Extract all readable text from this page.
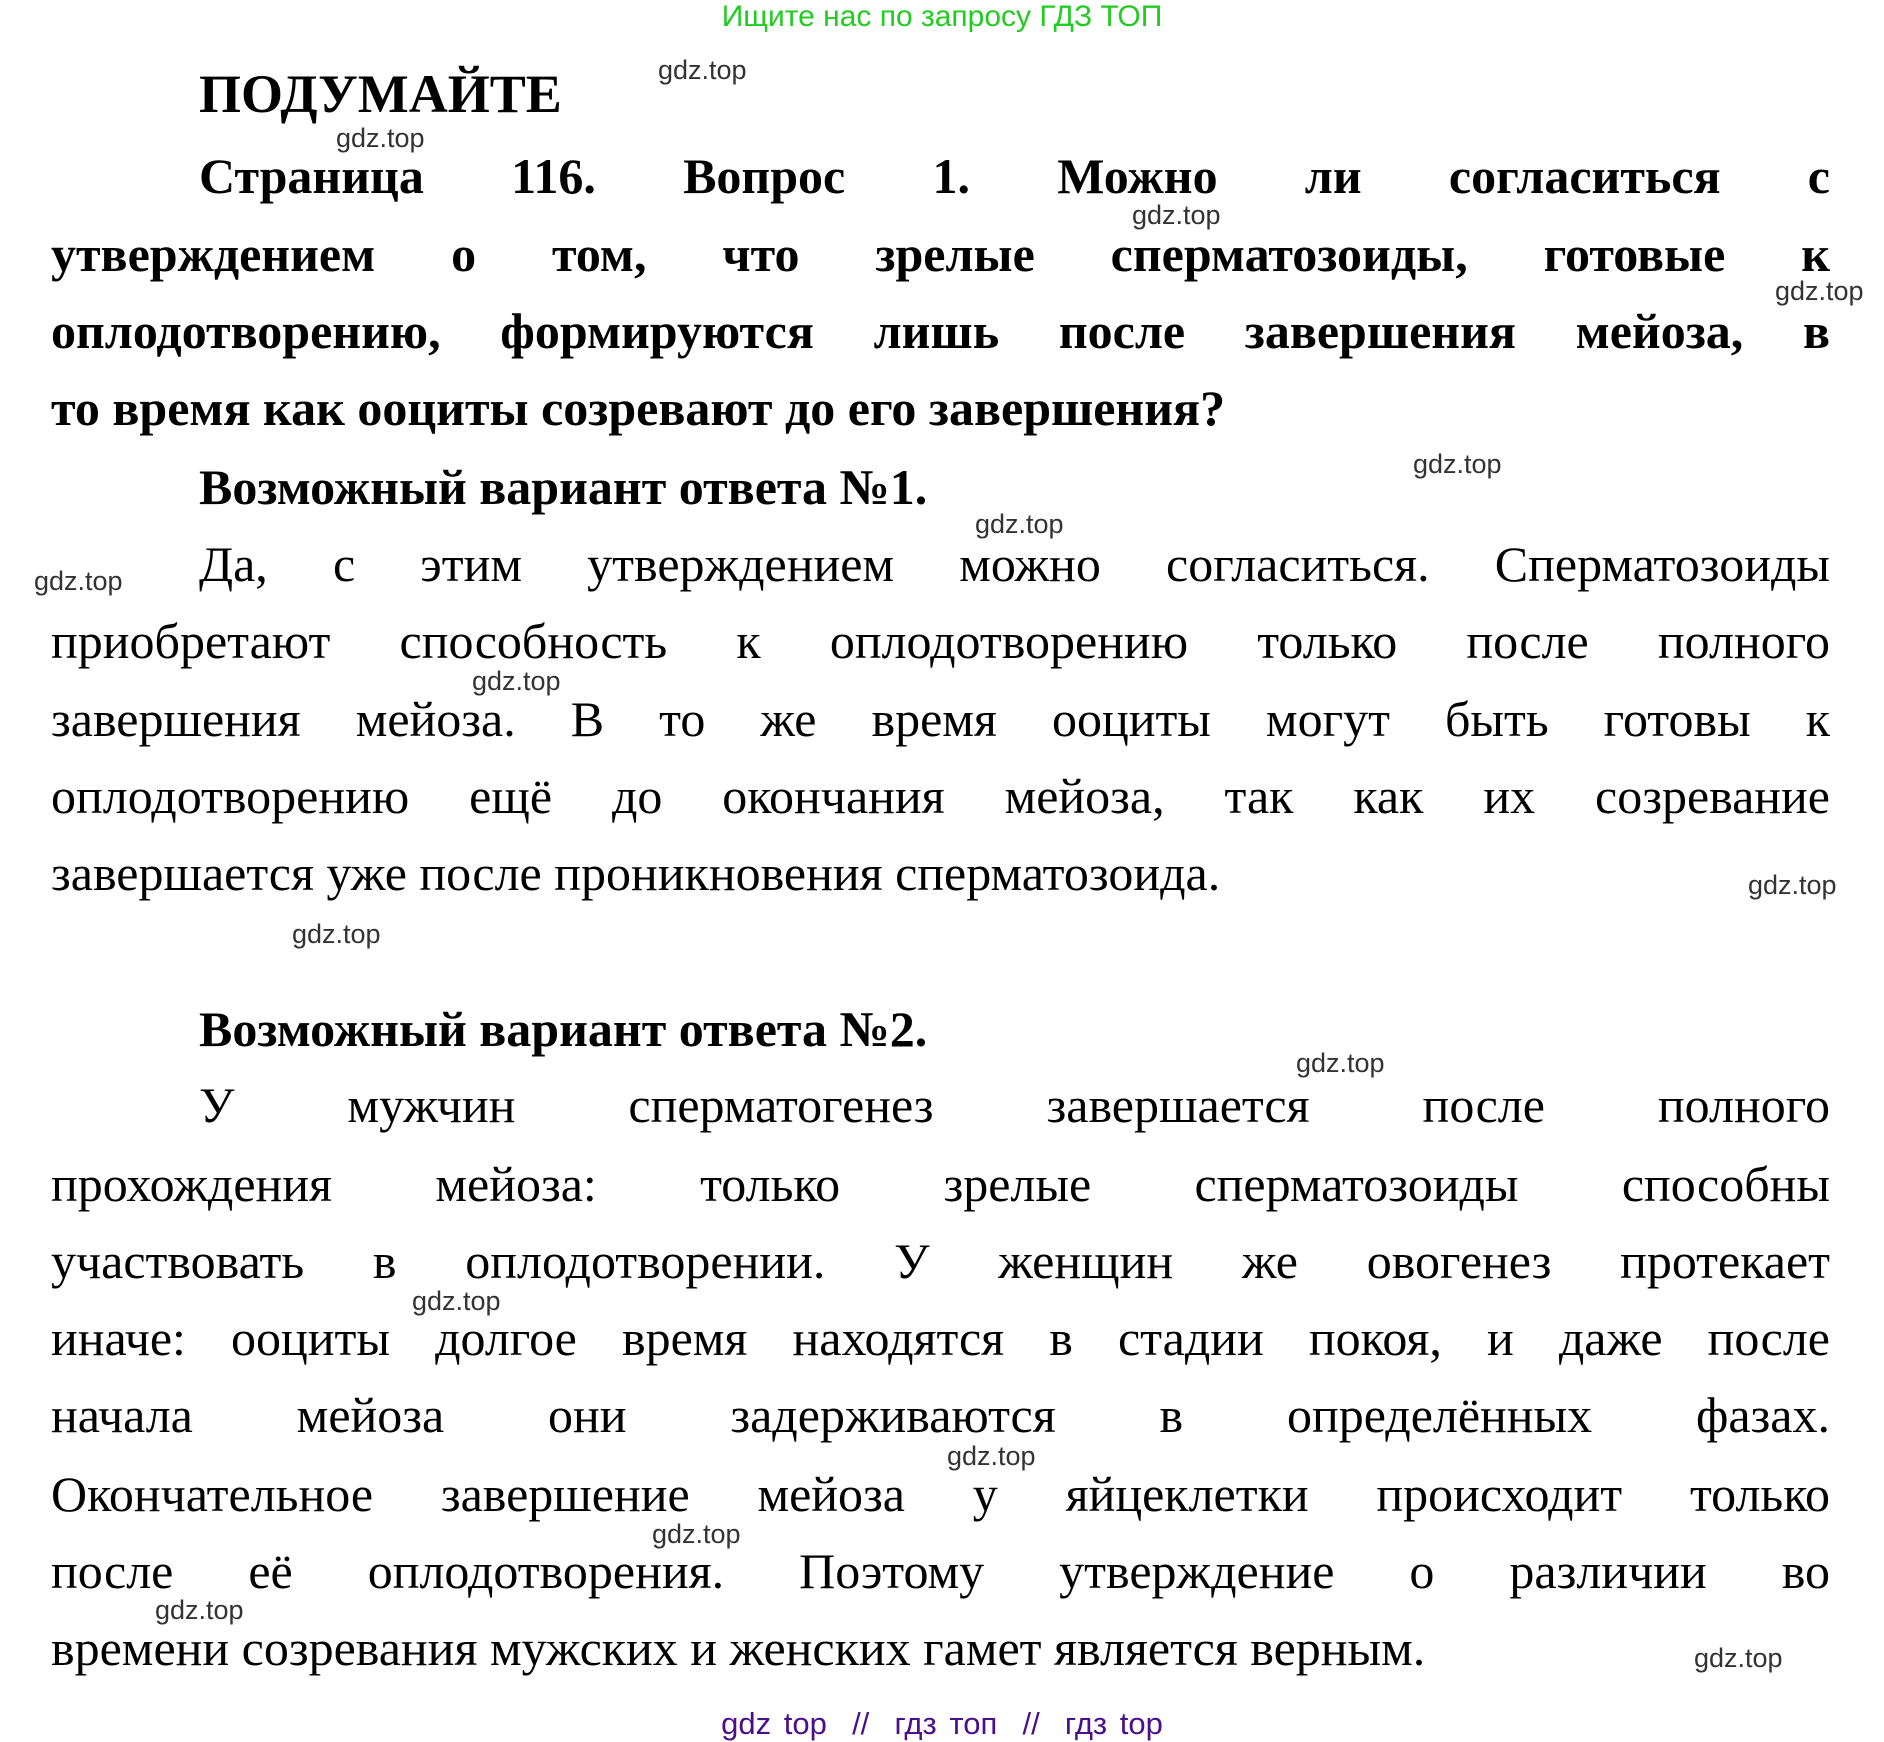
Ищите нас по запросу ГДЗ ТОП
ПОДУМАЙТЕ
Страница 116. Вопрос 1. Можно ли согласиться с
утверждением о том, что зрелые сперматозоиды, готовые к
оплодотворению, формируются лишь после завершения мейоза, в
то время как ооциты созревают до его завершения?
Возможный вариант ответа №1.
Да, с этим утверждением можно согласиться. Сперматозоиды
приобретают способность к оплодотворению только после полного
завершения мейоза. В то же время ооциты могут быть готовы к
оплодотворению ещё до окончания мейоза, так как их созревание
завершается уже после проникновения сперматозоида.
Возможный вариант ответа №2.
У мужчин сперматогенез завершается после полного
прохождения мейоза: только зрелые сперматозоиды способны
участвовать в оплодотворении. У женщин же овогенез протекает
иначе: ооциты долгое время находятся в стадии покоя, и даже после
начала мейоза они задерживаются в определённых фазах.
Окончательное завершение мейоза у яйцеклетки происходит только
после её оплодотворения. Поэтому утверждение о различии во
времени созревания мужских и женских гамет является верным.
gdz.top
gdz.top
gdz.top
gdz.top
gdz.top
gdz.top
gdz.top
gdz.top
gdz.top
gdz.top
gdz.top
gdz.top
gdz.top
gdz.top
gdz.top
gdz.top
gdz top  //  гдз топ  //  гдз top
